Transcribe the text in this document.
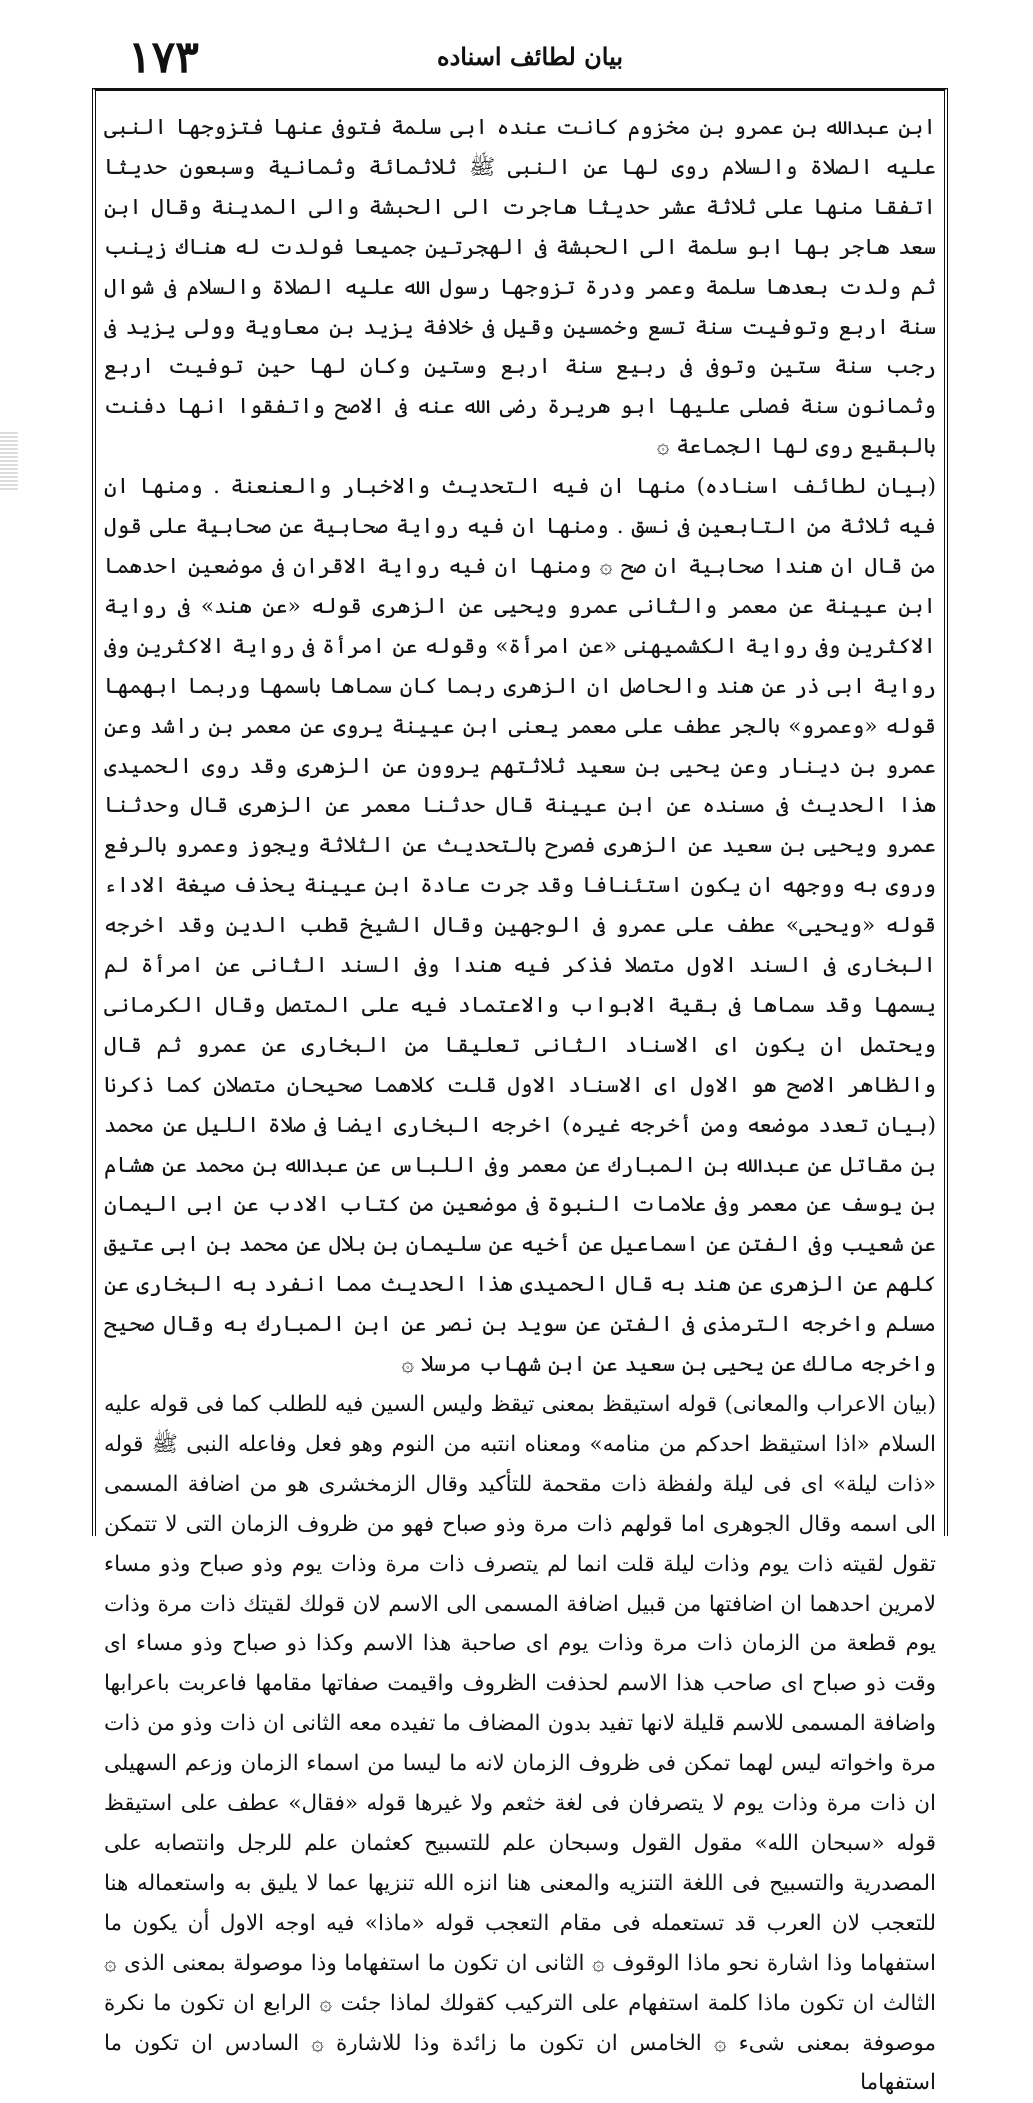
١٧٣	بيان لطائف اسناده

ابن عبدالله بن عمرو بن مخزوم كانت عنده ابى سلمة فتوفى عنها فتزوجها النبى عليه الصلاة والسلام روى لها عن النبى ﷺ ثلاثمائة وثمانية وسبعون حديثا اتفقا منها على ثلاثة عشر حديثا هاجرت الى الحبشة والى المدينة وقال ابن سعد هاجر بها ابو سلمة الى الحبشة فى الهجرتين جميعا فولدت له هناك زينب ثم ولدت بعدها سلمة وعمر ودرة تزوجها رسول الله عليه الصلاة والسلام فى شوال سنة اربع وتوفيت سنة تسع وخمسين وقيل فى خلافة يزيد بن معاوية وولى يزيد فى رجب سنة ستين وتوفى فى ربيع سنة اربع وستين وكان لها حين توفيت اربع وثمانون سنة فصلى عليها ابو هريرة رضى الله عنه فى الاصح واتفقوا انها دفنت بالبقيع روى لها الجماعة ۞

(بيان لطائف اسناده) منها ان فيه التحديث والاخبار والعنعنة . ومنها ان فيه ثلاثة من التابعين فى نسق . ومنها ان فيه رواية صحابية عن صحابية على قول من قال ان هندا صحابية ان صح ۞ ومنها ان فيه رواية الاقران فى موضعين احدهما ابن عيينة عن معمر والثانى عمرو ويحيى عن الزهرى قوله «عن هند» فى رواية الاكثرين وفى رواية الكشميهنى «عن امرأة» وقوله عن امرأة فى رواية الاكثرين وفى رواية ابى ذر عن هند والحاصل ان الزهرى ربما كان سماها باسمها وربما ابهمها قوله «وعمرو» بالجر عطف على معمر يعنى ابن عيينة يروى عن معمر بن راشد وعن عمرو بن دينار وعن يحيى بن سعيد ثلاثتهم يروون عن الزهرى وقد روى الحميدى هذا الحديث فى مسنده عن ابن عيينة قال حدثنا معمر عن الزهرى قال وحدثنا عمرو ويحيى بن سعيد عن الزهرى فصرح بالتحديث عن الثلاثة ويجوز وعمرو بالرفع وروى به ووجهه ان يكون استئنافا وقد جرت عادة ابن عيينة يحذف صيغة الاداء قوله «ويحيى» عطف على عمرو فى الوجهين وقال الشيخ قطب الدين وقد اخرجه البخارى فى السند الاول متصلا فذكر فيه هندا وفى السند الثانى عن امرأة لم يسمها وقد سماها فى بقية الابواب والاعتماد فيه على المتصل وقال الكرمانى ويحتمل ان يكون اى الاسناد الثانى تعليقا من البخارى عن عمرو ثم قال والظاهر الاصح هو الاول اى الاسناد الاول قلت كلاهما صحيحان متصلان كما ذكرنا (بيان تعدد موضعه ومن أخرجه غيره) اخرجه البخارى ايضا فى صلاة الليل عن محمد بن مقاتل عن عبدالله بن المبارك عن معمر وفى اللباس عن عبدالله بن محمد عن هشام بن يوسف عن معمر وفى علامات النبوة فى موضعين من كتاب الادب عن ابى اليمان عن شعيب وفى الفتن عن اسماعيل عن أخيه عن سليمان بن بلال عن محمد بن ابى عتيق كلهم عن الزهرى عن هند به قال الحميدى هذا الحديث مما انفرد به البخارى عن مسلم واخرجه الترمذى فى الفتن عن سويد بن نصر عن ابن المبارك به وقال صحيح واخرجه مالك عن يحيى بن سعيد عن ابن شهاب مرسلا ۞

(بيان الاعراب والمعانى) قوله استيقظ بمعنى تيقظ وليس السين فيه للطلب كما فى قوله عليه السلام «اذا استيقظ احدكم من منامه» ومعناه انتبه من النوم وهو فعل وفاعله النبى ﷺ قوله «ذات ليلة» اى فى ليلة ولفظة ذات مقحمة للتأكيد وقال الزمخشرى هو من اضافة المسمى الى اسمه وقال الجوهرى اما قولهم ذات مرة وذو صباح فهو من ظروف الزمان التى لا تتمكن تقول لقيته ذات يوم وذات ليلة قلت انما لم يتصرف ذات مرة وذات يوم وذو صباح وذو مساء لامرين احدهما ان اضافتها من قبيل اضافة المسمى الى الاسم لان قولك لقيتك ذات مرة وذات يوم قطعة من الزمان ذات مرة وذات يوم اى صاحبة هذا الاسم وكذا ذو صباح وذو مساء اى وقت ذو صباح اى صاحب هذا الاسم لحذفت الظروف واقيمت صفاتها مقامها فاعربت باعرابها واضافة المسمى للاسم قليلة لانها تفيد بدون المضاف ما تفيده معه الثانى ان ذات وذو من ذات مرة واخواته ليس لهما تمكن فى ظروف الزمان لانه ما ليسا من اسماء الزمان وزعم السهيلى ان ذات مرة وذات يوم لا يتصرفان فى لغة خثعم ولا غيرها قوله «فقال» عطف على استيقظ قوله «سبحان الله» مقول القول وسبحان علم للتسبيح كعثمان علم للرجل وانتصابه على المصدرية والتسبيح فى اللغة التنزيه والمعنى هنا انزه الله تنزيها عما لا يليق به واستعماله هنا للتعجب لان العرب قد تستعمله فى مقام التعجب قوله «ماذا» فيه اوجه الاول أن يكون ما استفهاما وذا اشارة نحو ماذا الوقوف ۞ الثانى ان تكون ما استفهاما وذا موصولة بمعنى الذى ۞ الثالث ان تكون ماذا كلمة استفهام على التركيب كقولك لماذا جئت ۞ الرابع ان تكون ما نكرة موصوفة بمعنى شىء ۞ الخامس ان تكون ما زائدة وذا للاشارة ۞ السادس ان تكون ما استفهاما
